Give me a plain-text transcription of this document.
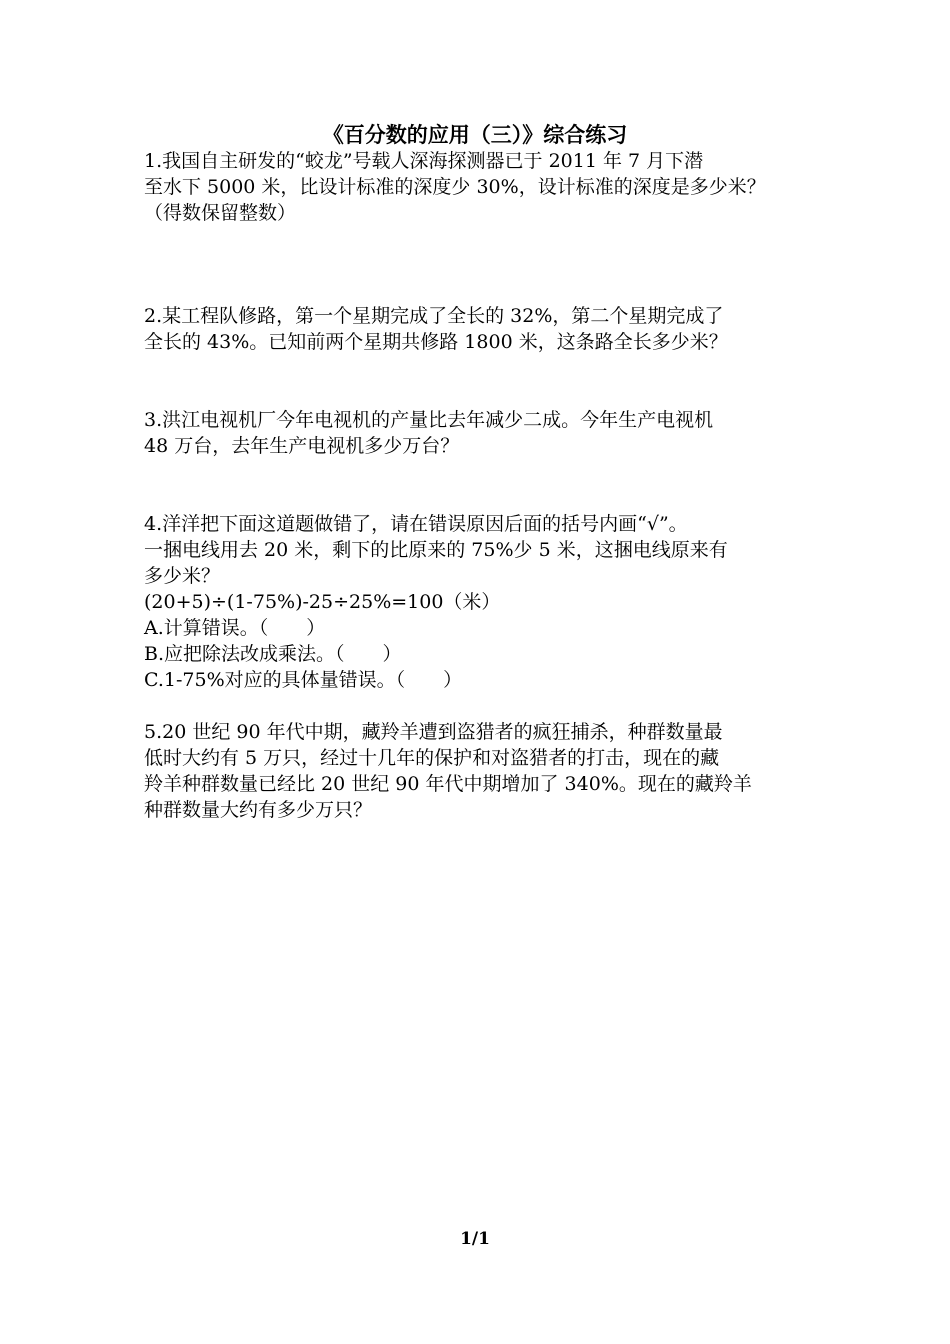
《百分数的应用（三）》综合练习
1.我国自主研发的“蛟龙”号载人深海探测器已于 2011 年 7 月下潜
至水下 5000 米，比设计标准的深度少 30%，设计标准的深度是多少米？
（得数保留整数）
2.某工程队修路，第一个星期完成了全长的 32%，第二个星期完成了
全长的 43%。已知前两个星期共修路 1800 米，这条路全长多少米？
3.洪江电视机厂今年电视机的产量比去年减少二成。今年生产电视机
48 万台，去年生产电视机多少万台？
4.洋洋把下面这道题做错了，请在错误原因后面的括号内画“√”。
一捆电线用去 20 米，剩下的比原来的 75%少 5 米，这捆电线原来有
多少米？
(20+5)÷(1-75%)-25÷25%=100（米）
A.计算错误。（　　）
B.应把除法改成乘法。（　　）
C.1-75%对应的具体量错误。（　　）
5.20 世纪 90 年代中期，藏羚羊遭到盗猎者的疯狂捕杀，种群数量最
低时大约有 5 万只，经过十几年的保护和对盗猎者的打击，现在的藏
羚羊种群数量已经比 20 世纪 90 年代中期增加了 340%。现在的藏羚羊
种群数量大约有多少万只？
1/1
